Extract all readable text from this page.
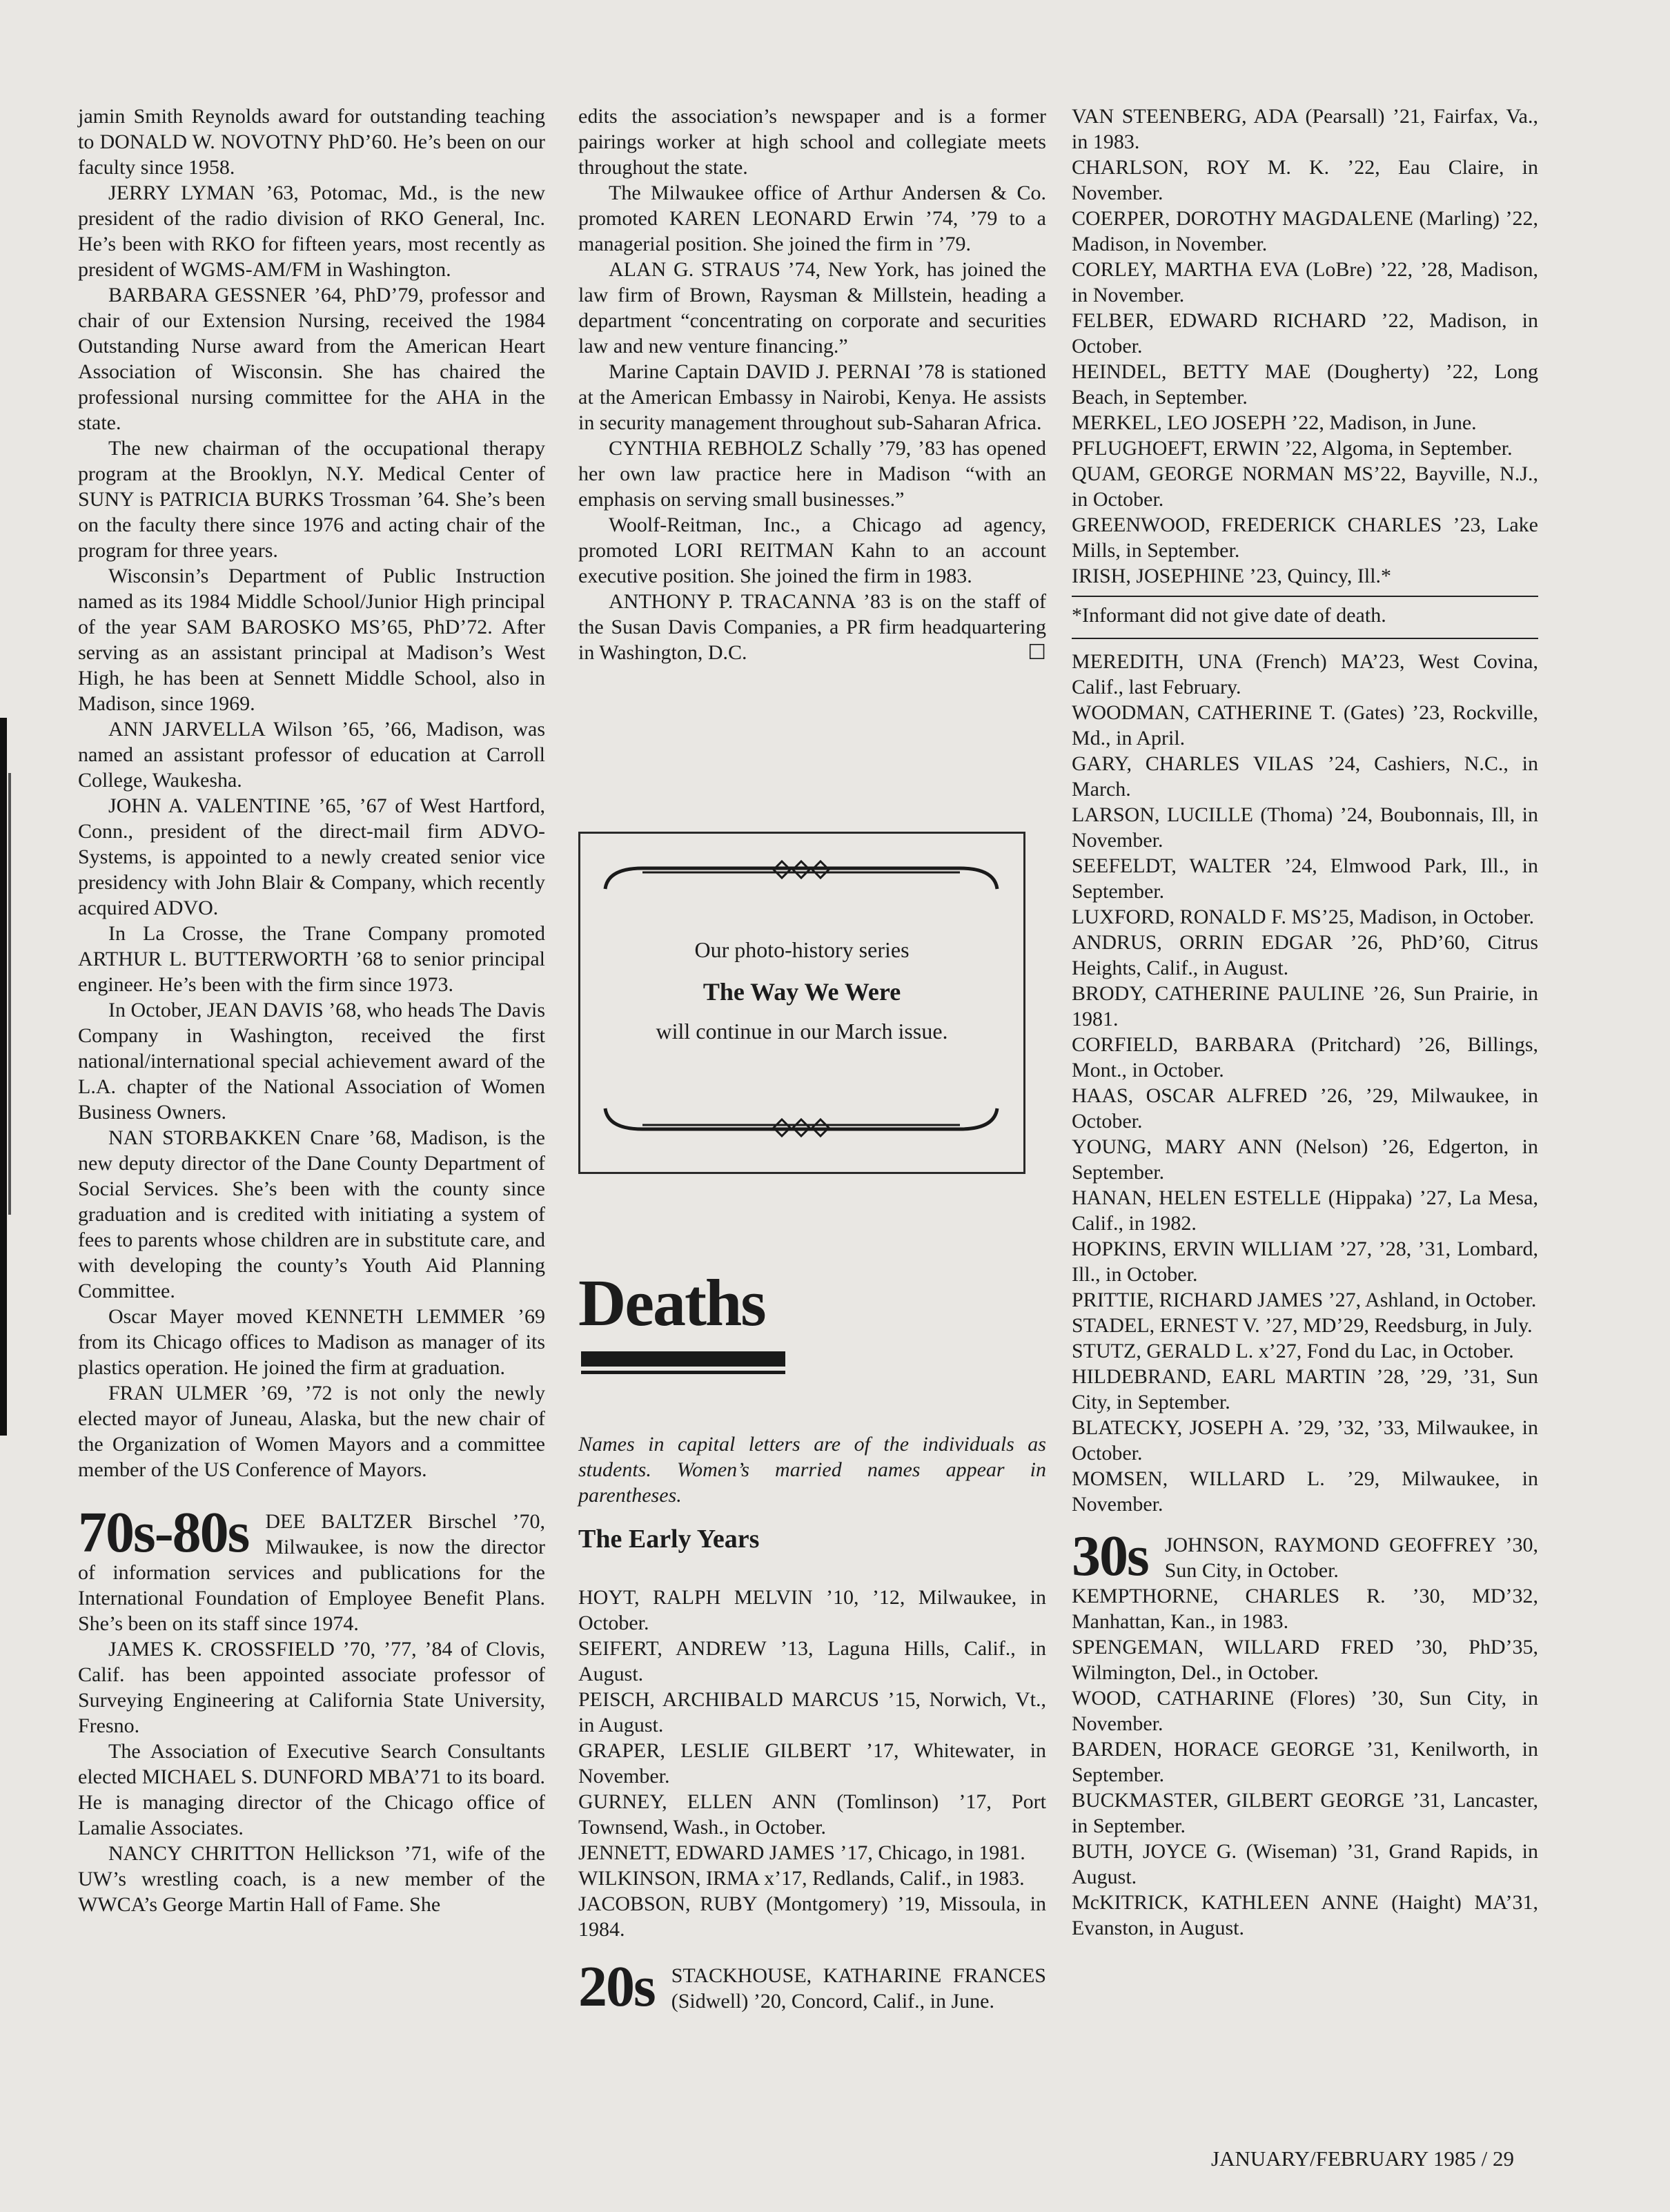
jamin Smith Reynolds award for outstanding teaching to DONALD W. NOVOTNY PhD’60. He’s been on our faculty since 1958.

JERRY LYMAN ’63, Potomac, Md., is the new president of the radio division of RKO General, Inc. He’s been with RKO for fifteen years, most recently as president of WGMS-AM/FM in Washington.

BARBARA GESSNER ’64, PhD’79, professor and chair of our Extension Nursing, received the 1984 Outstanding Nurse award from the American Heart Association of Wisconsin. She has chaired the professional nursing committee for the AHA in the state.

The new chairman of the occupational therapy program at the Brooklyn, N.Y. Medical Center of SUNY is PATRICIA BURKS Trossman ’64. She’s been on the faculty there since 1976 and acting chair of the program for three years.

Wisconsin’s Department of Public Instruction named as its 1984 Middle School/Junior High principal of the year SAM BAROSKO MS’65, PhD’72. After serving as an assistant principal at Madison’s West High, he has been at Sennett Middle School, also in Madison, since 1969.

ANN JARVELLA Wilson ’65, ’66, Madison, was named an assistant professor of education at Carroll College, Waukesha.

JOHN A. VALENTINE ’65, ’67 of West Hartford, Conn., president of the direct-mail firm ADVO-Systems, is appointed to a newly created senior vice presidency with John Blair & Company, which recently acquired ADVO.

In La Crosse, the Trane Company promoted ARTHUR L. BUTTERWORTH ’68 to senior principal engineer. He’s been with the firm since 1973.

In October, JEAN DAVIS ’68, who heads The Davis Company in Washington, received the first national/international special achievement award of the L.A. chapter of the National Association of Women Business Owners.

NAN STORBAKKEN Cnare ’68, Madison, is the new deputy director of the Dane County Department of Social Services. She’s been with the county since graduation and is credited with initiating a system of fees to parents whose children are in substitute care, and with developing the county’s Youth Aid Planning Committee.

Oscar Mayer moved KENNETH LEMMER ’69 from its Chicago offices to Madison as manager of its plastics operation. He joined the firm at graduation.

FRAN ULMER ’69, ’72 is not only the newly elected mayor of Juneau, Alaska, but the new chair of the Organization of Women Mayors and a committee member of the US Conference of Mayors.

70s-80s DEE BALTZER Birschel ’70, Milwaukee, is now the director of information services and publications for the International Foundation of Employee Benefit Plans. She’s been on its staff since 1974.

JAMES K. CROSSFIELD ’70, ’77, ’84 of Clovis, Calif. has been appointed associate professor of Surveying Engineering at California State University, Fresno.

The Association of Executive Search Consultants elected MICHAEL S. DUNFORD MBA’71 to its board. He is managing director of the Chicago office of Lamalie Associates.

NANCY CHRITTON Hellickson ’71, wife of the UW’s wrestling coach, is a new member of the WWCA’s George Martin Hall of Fame. She

edits the association’s newspaper and is a former pairings worker at high school and collegiate meets throughout the state.

The Milwaukee office of Arthur Andersen & Co. promoted KAREN LEONARD Erwin ’74, ’79 to a managerial position. She joined the firm in ’79.

ALAN G. STRAUS ’74, New York, has joined the law firm of Brown, Raysman & Millstein, heading a department “concentrating on corporate and securities law and new venture financing.”

Marine Captain DAVID J. PERNAI ’78 is stationed at the American Embassy in Nairobi, Kenya. He assists in security management throughout sub-Saharan Africa.

CYNTHIA REBHOLZ Schally ’79, ’83 has opened her own law practice here in Madison “with an emphasis on serving small businesses.”

Woolf-Reitman, Inc., a Chicago ad agency, promoted LORI REITMAN Kahn to an account executive position. She joined the firm in 1983.

ANTHONY P. TRACANNA ’83 is on the staff of the Susan Davis Companies, a PR firm headquartering in Washington, D.C.	☐

Our photo-history series
The Way We Were
will continue in our March issue.
Deaths

Names in capital letters are of the individuals as students. Women’s married names appear in parentheses.

The Early Years

HOYT, RALPH MELVIN ’10, ’12, Milwaukee, in October.

SEIFERT, ANDREW ’13, Laguna Hills, Calif., in August.

PEISCH, ARCHIBALD MARCUS ’15, Norwich, Vt., in August.

GRAPER, LESLIE GILBERT ’17, Whitewater, in November.

GURNEY, ELLEN ANN (Tomlinson) ’17, Port Townsend, Wash., in October.

JENNETT, EDWARD JAMES ’17, Chicago, in 1981.

WILKINSON, IRMA x’17, Redlands, Calif., in 1983.

JACOBSON, RUBY (Montgomery) ’19, Missoula, in 1984.

20s STACKHOUSE, KATHARINE FRANCES (Sidwell) ’20, Concord, Calif., in June.

VAN STEENBERG, ADA (Pearsall) ’21, Fairfax, Va., in 1983.

CHARLSON, ROY M. K. ’22, Eau Claire, in November.

COERPER, DOROTHY MAGDALENE (Marling) ’22, Madison, in November.

CORLEY, MARTHA EVA (LoBre) ’22, ’28, Madison, in November.

FELBER, EDWARD RICHARD ’22, Madison, in October.

HEINDEL, BETTY MAE (Dougherty) ’22, Long Beach, in September.

MERKEL, LEO JOSEPH ’22, Madison, in June.

PFLUGHOEFT, ERWIN ’22, Algoma, in September.

QUAM, GEORGE NORMAN MS’22, Bayville, N.J., in October.

GREENWOOD, FREDERICK CHARLES ’23, Lake Mills, in September.

IRISH, JOSEPHINE ’23, Quincy, Ill.*

*Informant did not give date of death.

MEREDITH, UNA (French) MA’23, West Covina, Calif., last February.

WOODMAN, CATHERINE T. (Gates) ’23, Rockville, Md., in April.

GARY, CHARLES VILAS ’24, Cashiers, N.C., in March.

LARSON, LUCILLE (Thoma) ’24, Boubonnais, Ill, in November.

SEEFELDT, WALTER ’24, Elmwood Park, Ill., in September.

LUXFORD, RONALD F. MS’25, Madison, in October.

ANDRUS, ORRIN EDGAR ’26, PhD’60, Citrus Heights, Calif., in August.

BRODY, CATHERINE PAULINE ’26, Sun Prairie, in 1981.

CORFIELD, BARBARA (Pritchard) ’26, Billings, Mont., in October.

HAAS, OSCAR ALFRED ’26, ’29, Milwaukee, in October.

YOUNG, MARY ANN (Nelson) ’26, Edgerton, in September.

HANAN, HELEN ESTELLE (Hippaka) ’27, La Mesa, Calif., in 1982.

HOPKINS, ERVIN WILLIAM ’27, ’28, ’31, Lombard, Ill., in October.

PRITTIE, RICHARD JAMES ’27, Ashland, in October.

STADEL, ERNEST V. ’27, MD’29, Reedsburg, in July.

STUTZ, GERALD L. x’27, Fond du Lac, in October.

HILDEBRAND, EARL MARTIN ’28, ’29, ’31, Sun City, in September.

BLATECKY, JOSEPH A. ’29, ’32, ’33, Milwaukee, in October.

MOMSEN, WILLARD L. ’29, Milwaukee, in November.

30s JOHNSON, RAYMOND GEOFFREY ’30, Sun City, in October.

KEMPTHORNE, CHARLES R. ’30, MD’32, Manhattan, Kan., in 1983.

SPENGEMAN, WILLARD FRED ’30, PhD’35, Wilmington, Del., in October.

WOOD, CATHARINE (Flores) ’30, Sun City, in November.

BARDEN, HORACE GEORGE ’31, Kenilworth, in September.

BUCKMASTER, GILBERT GEORGE ’31, Lancaster, in September.

BUTH, JOYCE G. (Wiseman) ’31, Grand Rapids, in August.

McKITRICK, KATHLEEN ANNE (Haight) MA’31, Evanston, in August.

JANUARY/FEBRUARY 1985 / 29
